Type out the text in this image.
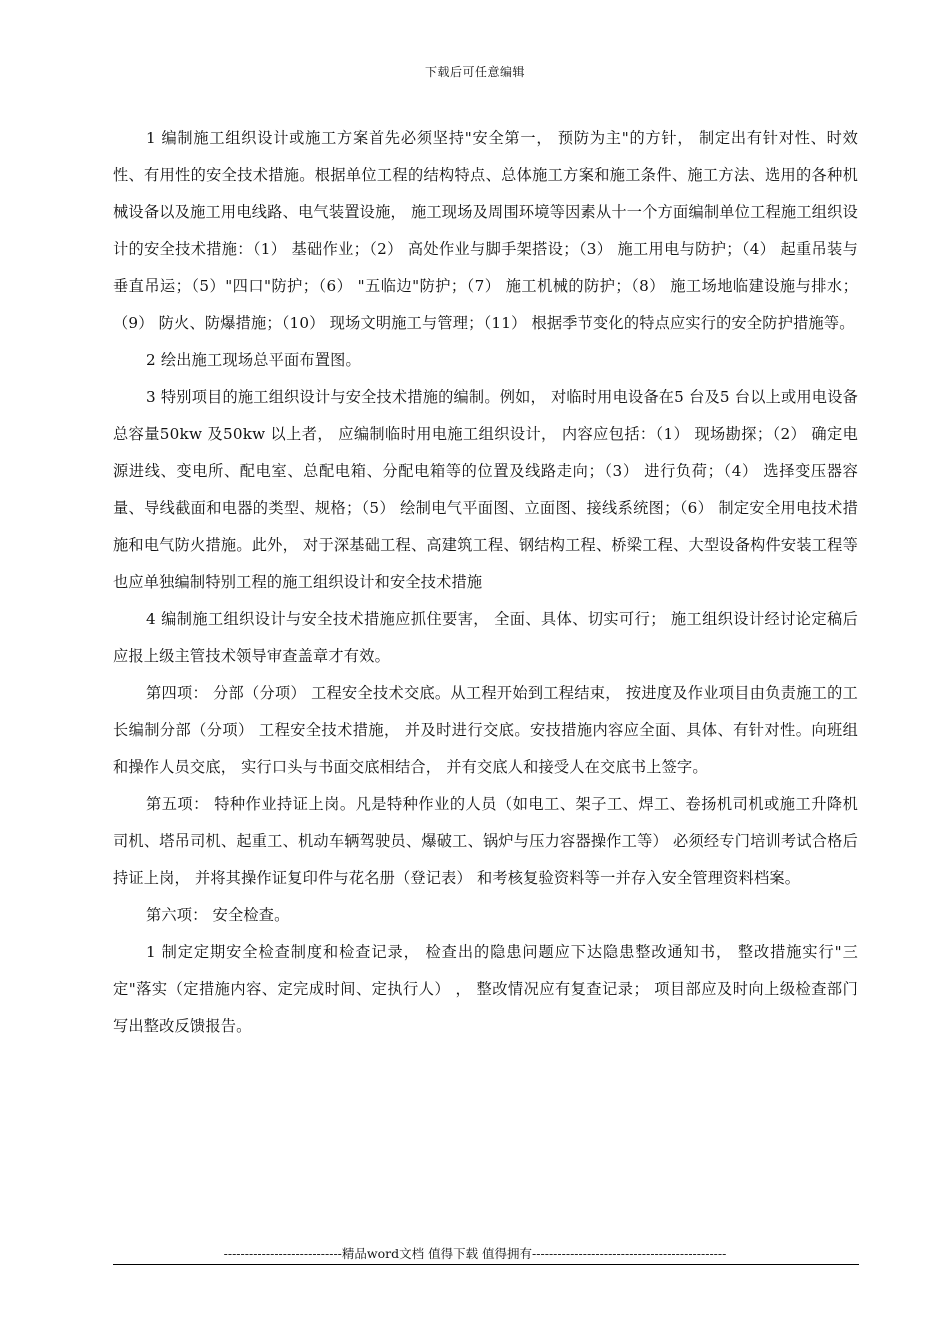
下载后可任意编辑

1 编制施工组织设计或施工方案首先必须坚持"安全第一， 预防为主"的方针， 制定出有针对性、时效性、有用性的安全技术措施。根据单位工程的结构特点、总体施工方案和施工条件、施工方法、选用的各种机械设备以及施工用电线路、电气装置设施， 施工现场及周围环境等因素从十一个方面编制单位工程施工组织设计的安全技术措施：（1） 基础作业；（2） 高处作业与脚手架搭设；（3） 施工用电与防护；（4） 起重吊装与垂直吊运；（5）"四口"防护；（6） "五临边"防护；（7） 施工机械的防护；（8） 施工场地临建设施与排水；（9） 防火、防爆措施；（10） 现场文明施工与管理；（11） 根据季节变化的特点应实行的安全防护措施等。

2 绘出施工现场总平面布置图。

3 特别项目的施工组织设计与安全技术措施的编制。例如， 对临时用电设备在5 台及5 台以上或用电设备总容量50kw 及50kw 以上者， 应编制临时用电施工组织设计， 内容应包括：（1） 现场勘探；（2） 确定电源进线、变电所、配电室、总配电箱、分配电箱等的位置及线路走向；（3） 进行负荷；（4） 选择变压器容量、导线截面和电器的类型、规格；（5） 绘制电气平面图、立面图、接线系统图；（6） 制定安全用电技术措施和电气防火措施。此外， 对于深基础工程、高建筑工程、钢结构工程、桥梁工程、大型设备构件安装工程等也应单独编制特别工程的施工组织设计和安全技术措施

4 编制施工组织设计与安全技术措施应抓住要害， 全面、具体、切实可行； 施工组织设计经讨论定稿后应报上级主管技术领导审查盖章才有效。

第四项： 分部（分项） 工程安全技术交底。从工程开始到工程结束， 按进度及作业项目由负责施工的工长编制分部（分项） 工程安全技术措施， 并及时进行交底。安技措施内容应全面、具体、有针对性。向班组和操作人员交底， 实行口头与书面交底相结合， 并有交底人和接受人在交底书上签字。

第五项： 特种作业持证上岗。凡是特种作业的人员（如电工、架子工、焊工、卷扬机司机或施工升降机司机、塔吊司机、起重工、机动车辆驾驶员、爆破工、锅炉与压力容器操作工等） 必须经专门培训考试合格后持证上岗， 并将其操作证复印件与花名册（登记表） 和考核复验资料等一并存入安全管理资料档案。

第六项： 安全检查。

1 制定定期安全检查制度和检查记录， 检查出的隐患问题应下达隐患整改通知书， 整改措施实行"三定"落实（定措施内容、定完成时间、定执行人） ， 整改情况应有复查记录； 项目部应及时向上级检查部门写出整改反馈报告。

----------------------------精品word文档 值得下载 值得拥有----------------------------------------------
